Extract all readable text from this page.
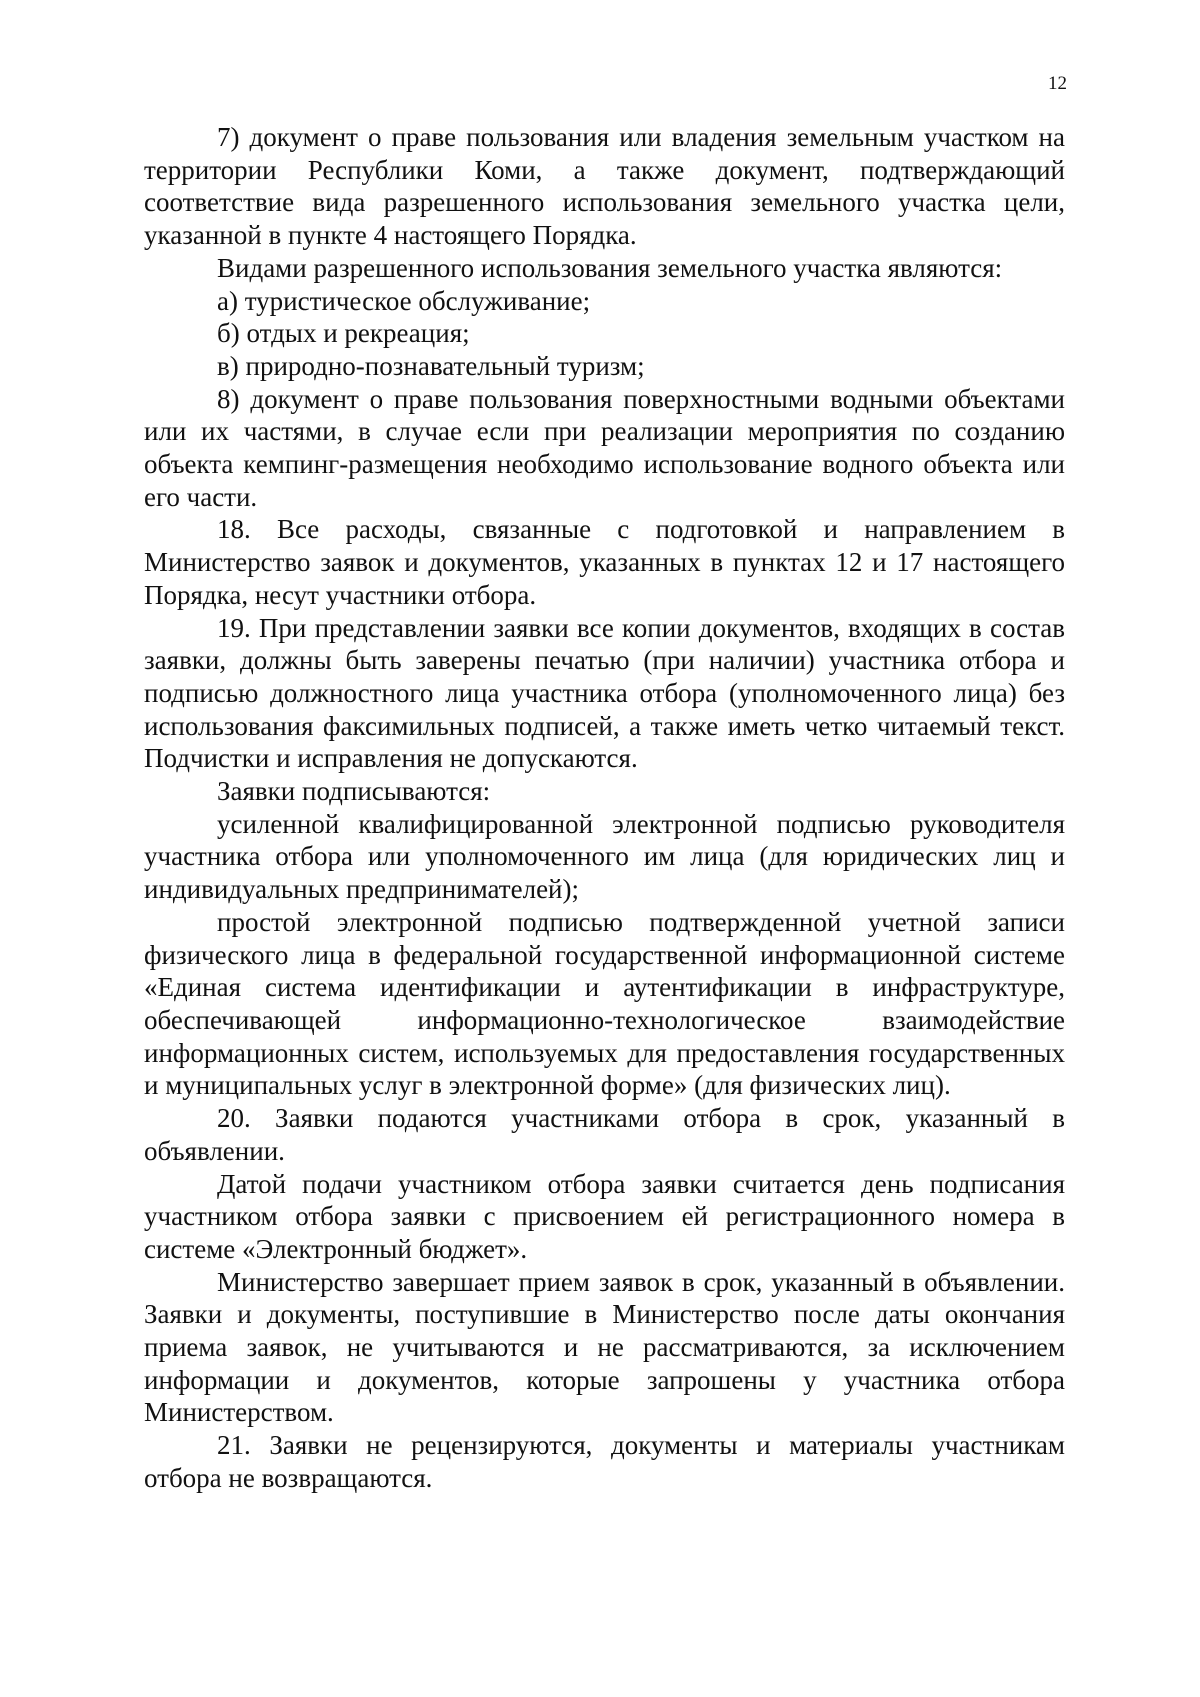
12

7) документ о праве пользования или владения земельным участком на территории Республики Коми, а также документ, подтверждающий соответствие вида разрешенного использования земельного участка цели, указанной в пункте 4 настоящего Порядка.

Видами разрешенного использования земельного участка являются:

а) туристическое обслуживание;

б) отдых и рекреация;

в) природно-познавательный туризм;

8) документ о праве пользования поверхностными водными объектами или их частями, в случае если при реализации мероприятия по созданию объекта кемпинг-размещения необходимо использование водного объекта или его части.

18. Все расходы, связанные с подготовкой и направлением в Министерство заявок и документов, указанных в пунктах 12 и 17 настоящего Порядка, несут участники отбора.

19. При представлении заявки все копии документов, входящих в состав заявки, должны быть заверены печатью (при наличии) участника отбора и подписью должностного лица участника отбора (уполномоченного лица) без использования факсимильных подписей, а также иметь четко читаемый текст. Подчистки и исправления не допускаются.

Заявки подписываются:

усиленной квалифицированной электронной подписью руководителя участника отбора или уполномоченного им лица (для юридических лиц и индивидуальных предпринимателей);

простой электронной подписью подтвержденной учетной записи физического лица в федеральной государственной информационной системе «Единая система идентификации и аутентификации в инфраструктуре, обеспечивающей информационно-технологическое взаимодействие информационных систем, используемых для предоставления государственных и муниципальных услуг в электронной форме» (для физических лиц).

20. Заявки подаются участниками отбора в срок, указанный в объявлении.

Датой подачи участником отбора заявки считается день подписания участником отбора заявки с присвоением ей регистрационного номера в системе «Электронный бюджет».

Министерство завершает прием заявок в срок, указанный в объявлении. Заявки и документы, поступившие в Министерство после даты окончания приема заявок, не учитываются и не рассматриваются, за исключением информации и документов, которые запрошены у участника отбора Министерством.

21. Заявки не рецензируются, документы и материалы участникам отбора не возвращаются.
